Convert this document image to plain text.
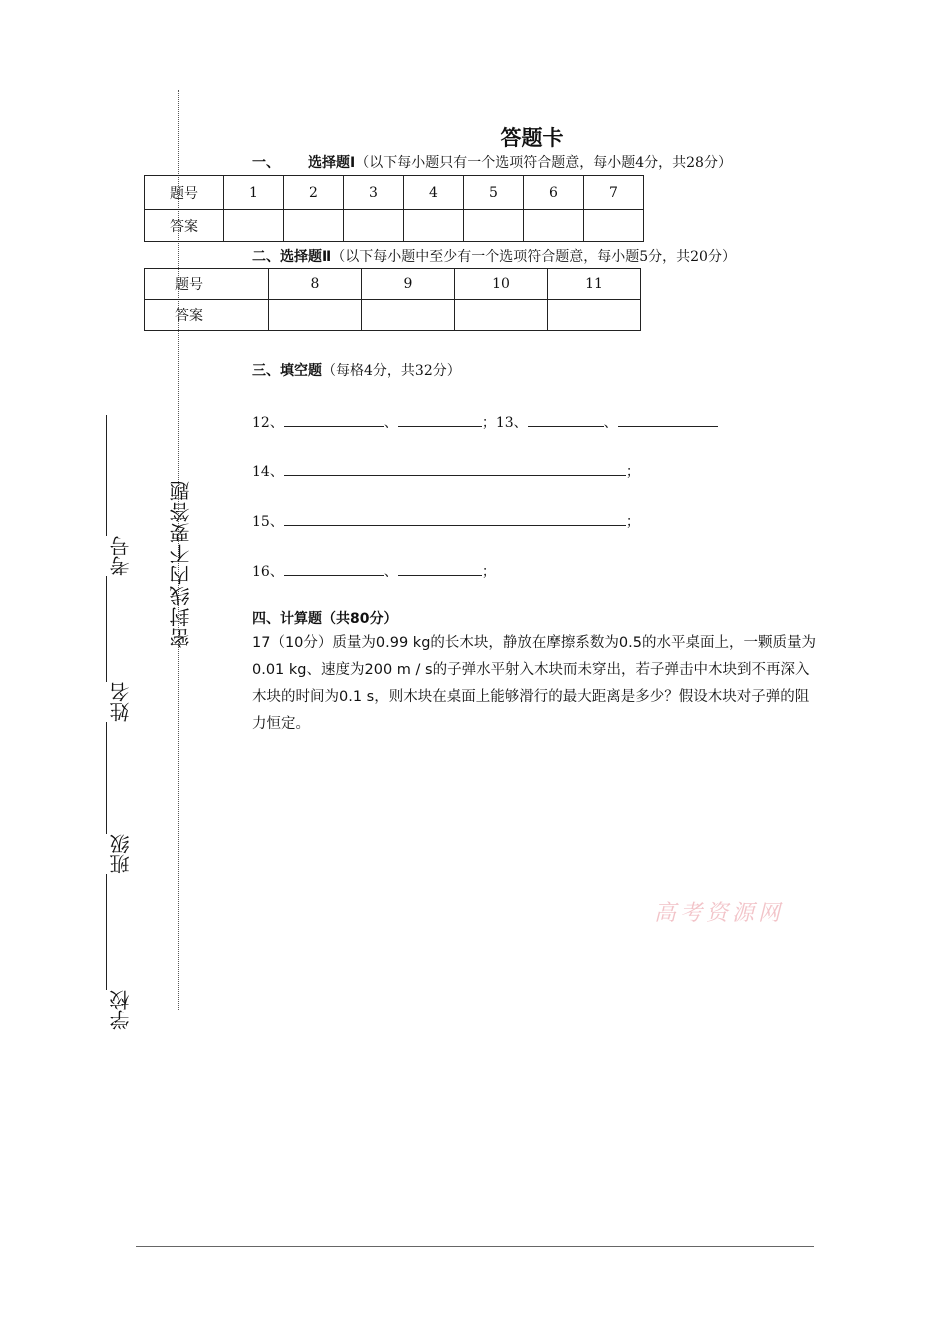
密封线内不要答题
学校
班级
姓名
考号
答题卡
一、 选择题Ⅰ（以下每小题只有一个选项符合题意，每小题4分，共28分）
题号	1	2	3	4	5	6	7
答案							
二、选择题Ⅱ（以下每小题中至少有一个选项符合题意，每小题5分，共20分）
	题号	8	9	10	11
	答案				
三、填空题（每格4分，共32分）
12、	、	；13、	、
14、	；
15、	；
16、	、	；
四、计算题（共80分）
17（10分）质量为0.99 kg的长木块，静放在摩擦系数为0.5的水平桌面上，一颗质量为0.01 kg、速度为200 m / s的子弹水平射入木块而未穿出，若子弹击中木块到不再深入木块的时间为0.1 s，则木块在桌面上能够滑行的最大距离是多少？假设木块对子弹的阻力恒定。
高考资源网
